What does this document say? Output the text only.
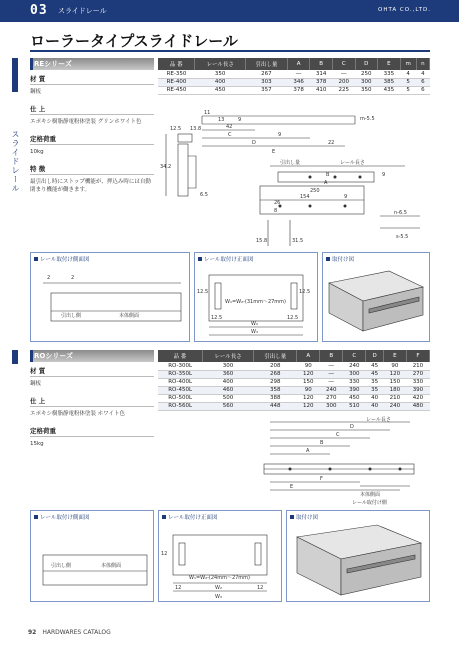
03 スライドレール	OHTA CO.,LTD.
ローラータイプスライドレール
スライドレール
REシリーズ
材 質
鋼板
仕 上
エポキシ樹脂静電粉体塗装 グリンホワイト色
定格荷重
10kg
特 徴
最引出し時にストップ機能が、押込み時には自動閉まり機能が働きます。
品 番	レール長さ	引出し量	A	B	C	D	E	m	n
RE-350	350	267	―	314	―	250	335	4	4
RE-400	400	303	346	378	200	300	385	5	6
RE-450	450	357	378	410	225	350	435	5	6
12.5 13.8
11
13	9
42
C	9
D	22
E
m-5.5
34.2
6.5
引出し量	レール長さ
B
A
9
250
154	9
26
8	n-6.5
15.8	31.5
s-5.5
レール取付け側面図
2	2
引出し側	本体側面
レール取付け正面図
12.5	12.5
W₁=W₂-(31mm〜27mm)
W₂
W₃
12.5	12.5
取付け図
ROシリーズ
材 質
鋼板
仕 上
エポキシ樹脂静電粉体塗装 ホワイト色
定格荷重
15kg
品 番	レール長さ	引出し量	A	B	C	D	E	F
RO-300L	300	208	90	―	240	45	90	210
RO-350L	360	268	120	―	300	45	120	270
RO-400L	400	298	150	―	330	35	150	330
RO-450L	460	358	90	240	390	35	180	390
RO-500L	500	388	120	270	450	40	210	420
RO-560L	560	448	120	300	510	40	240	480
レール長さ
D
C
B
A
F
E
本体側面
レール取付け側
レール取付け側面図
引出し側	本体側面
レール取付け正面図
12
W₁=W₂-(24mm〜27mm)
W₂
W₃
12	12
取付け図
92 HARDWARES CATALOG
